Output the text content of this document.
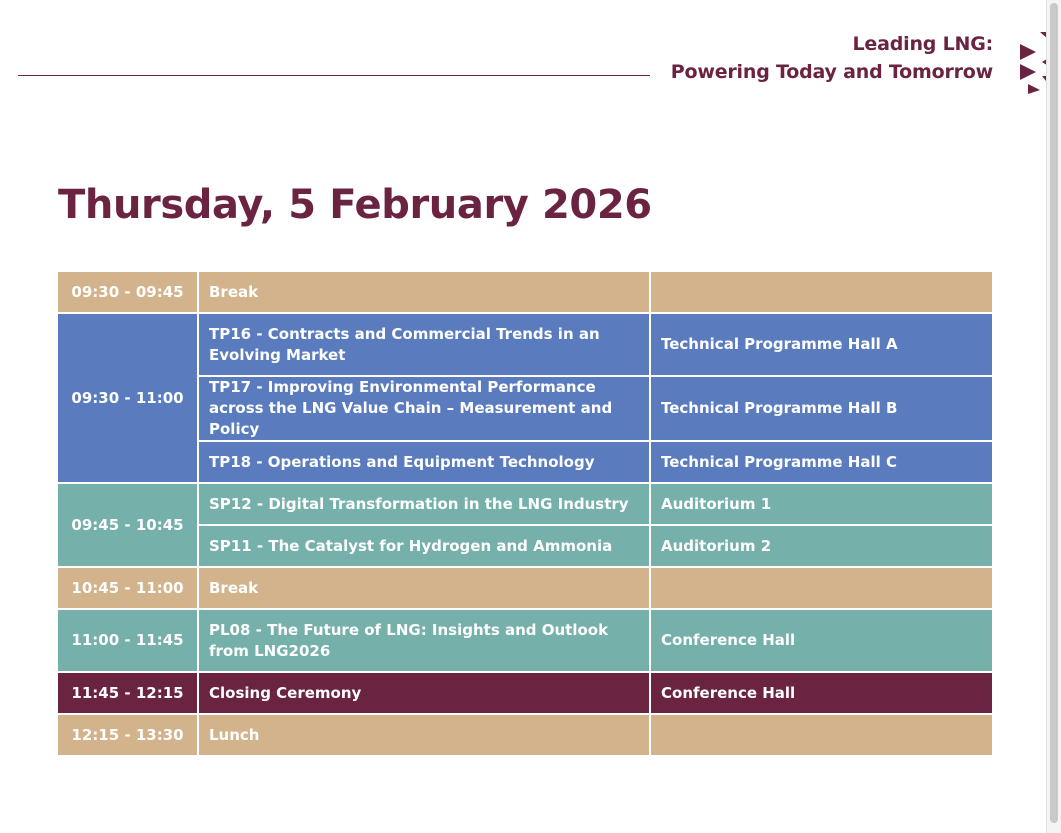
Leading LNG:
Powering Today and Tomorrow
Thursday, 5 February 2026
09:30 - 09:45	Break	
09:30 - 11:00	TP16 - Contracts and Commercial Trends in an Evolving Market	Technical Programme Hall A
	TP17 - Improving Environmental Performance across the LNG Value Chain – Measurement and Policy	Technical Programme Hall B
	TP18 - Operations and Equipment Technology	Technical Programme Hall C
09:45 - 10:45	SP12 - Digital Transformation in the LNG Industry	Auditorium 1
	SP11 - The Catalyst for Hydrogen and Ammonia	Auditorium 2
10:45 - 11:00	Break	
11:00 - 11:45	PL08 - The Future of LNG: Insights and Outlook from LNG2026	Conference Hall
11:45 - 12:15	Closing Ceremony	Conference Hall
12:15 - 13:30	Lunch	
